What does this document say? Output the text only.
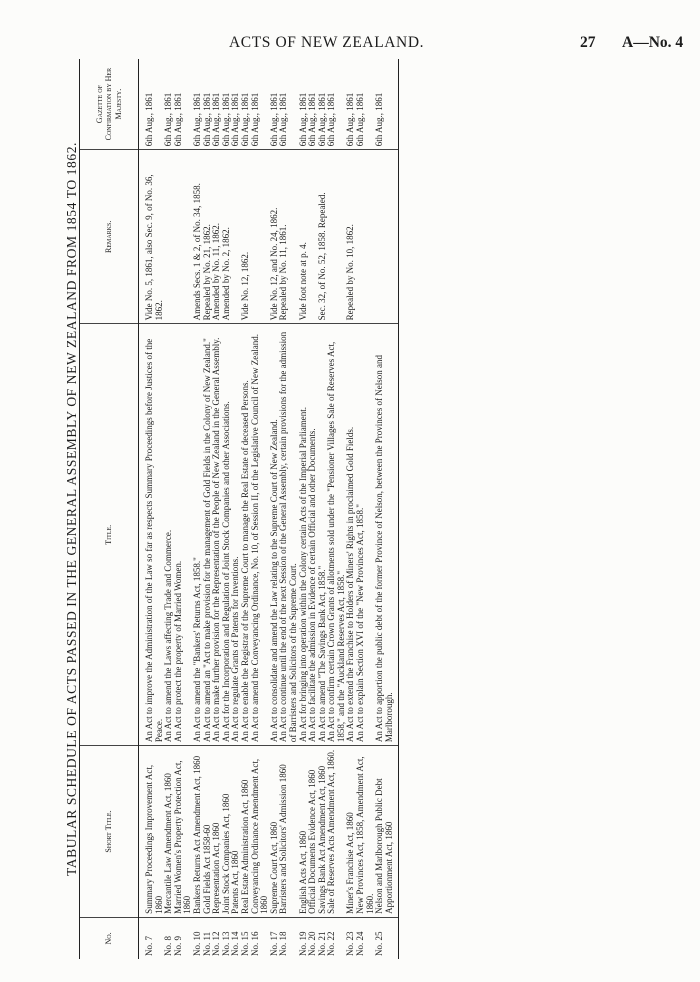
ACTS OF NEW ZEALAND.	27 A—No. 4
TABULAR SCHEDULE OF ACTS PASSED IN THE GENERAL ASSEMBLY OF NEW ZEALAND FROM 1854 TO 1862.
No.	Short Title.	Title.	Remarks.	Gazette of Confirmation by Her Majesty.
No. 7	Summary Proceedings Improvement Act, 1860	An Act to improve the Administration of the Law so far as respects Summary Proceedings before Justices of the Peace.	Vide No. 5, 1861, also Sec. 9, of No. 36, 1862.	6th Aug., 1861
No. 8	Mercantile Law Amendment Act, 1860	An Act to amend the Laws affecting Trade and Commerce.		6th Aug., 1861
No. 9	Married Women's Property Protection Act, 1860	An Act to protect the property of Married Women.		6th Aug., 1861
No. 10	Bankers Returns Act Amendment Act, 1860	An Act to amend the "Bankers' Returns Act, 1858."	Amends Secs. 1 & 2, of No. 34, 1858.	6th Aug., 1861
No. 11	Gold Fields Act 1858-60	An Act to amend an "Act to make provision for the management of Gold Fields in the Colony of New Zealand."	Repealed by No. 21, 1862.	6th Aug., 1861
No. 12	Representation Act, 1860	An Act to make further provision for the Representation of the People of New Zealand in the General Assembly.	Amended by No. 11, 1862.	6th Aug., 1861
No. 13	Joint Stock Companies Act, 1860	An Act for the Incorporation and Regulation of Joint Stock Companies and other Associations.	Amended by No. 2, 1862.	6th Aug., 1861
No. 14	Patents Act, 1860	An Act to regulate Grants of Patents for Inventions.		6th Aug., 1861
No. 15	Real Estate Administration Act, 1860	An Act to enable the Registrar of the Supreme Court to manage the Real Estate of deceased Persons.	Vide No. 12, 1862.	6th Aug., 1861
No. 16	Conveyancing Ordinance Amendment Act, 1860	An Act to amend the Conveyancing Ordinance, No. 10, of Session II, of the Legislative Council of New Zealand.		6th Aug., 1861
No. 17	Supreme Court Act, 1860	An Act to consolidate and amend the Law relating to the Supreme Court of New Zealand.	Vide No. 12, and No. 24, 1862.	6th Aug., 1861
No. 18	Barristers and Solicitors' Admission 1860	An Act to continue until the end of the next Session of the General Assembly, certain provisions for the admission of Barristers and Solicitors of the Supreme Court.	Repealed by No. 11, 1861.	6th Aug., 1861
No. 19	English Acts Act, 1860	An Act for bringing into operation within the Colony certain Acts of the Imperial Parliament.	Vide foot note at p. 4.	6th Aug., 1861
No. 20	Official Documents Evidence Act, 1860	An Act to facilitate the admission in Evidence of certain Official and other Documents.		6th Aug., 1861
No. 21	Savings Bank Act Amendment Act, 1860	An Act to amend "The Savings Bank Act, 1858."	Sec. 32, of No. 52, 1858. Repealed.	6th Aug., 1861
No. 22	Sale of Reserves Acts Amendment Act, 1860.	An Act to confirm certain Crown Grants of allotments sold under the "Pensioner Villages Sale of Reserves Act, 1858," and the "Auckland Reserves Act, 1858."		6th Aug., 1861
No. 23	Miner's Franchise Act, 1860	An Act to extend the Franchise to Holders of Miners' Rights in proclaimed Gold Fields.	Repealed by No. 10, 1862.	6th Aug., 1861
No. 24	New Provinces Act, 1858, Amendment Act, 1860.	An Act to explain Section XVI of the "New Provinces Act, 1858."		6th Aug., 1861
No. 25	Nelson and Marlborough Public Debt Apportionment Act, 1860	An Act to apportion the public debt of the former Province of Nelson, between the Provinces of Nelson and Marlborough.		6th Aug., 1861
